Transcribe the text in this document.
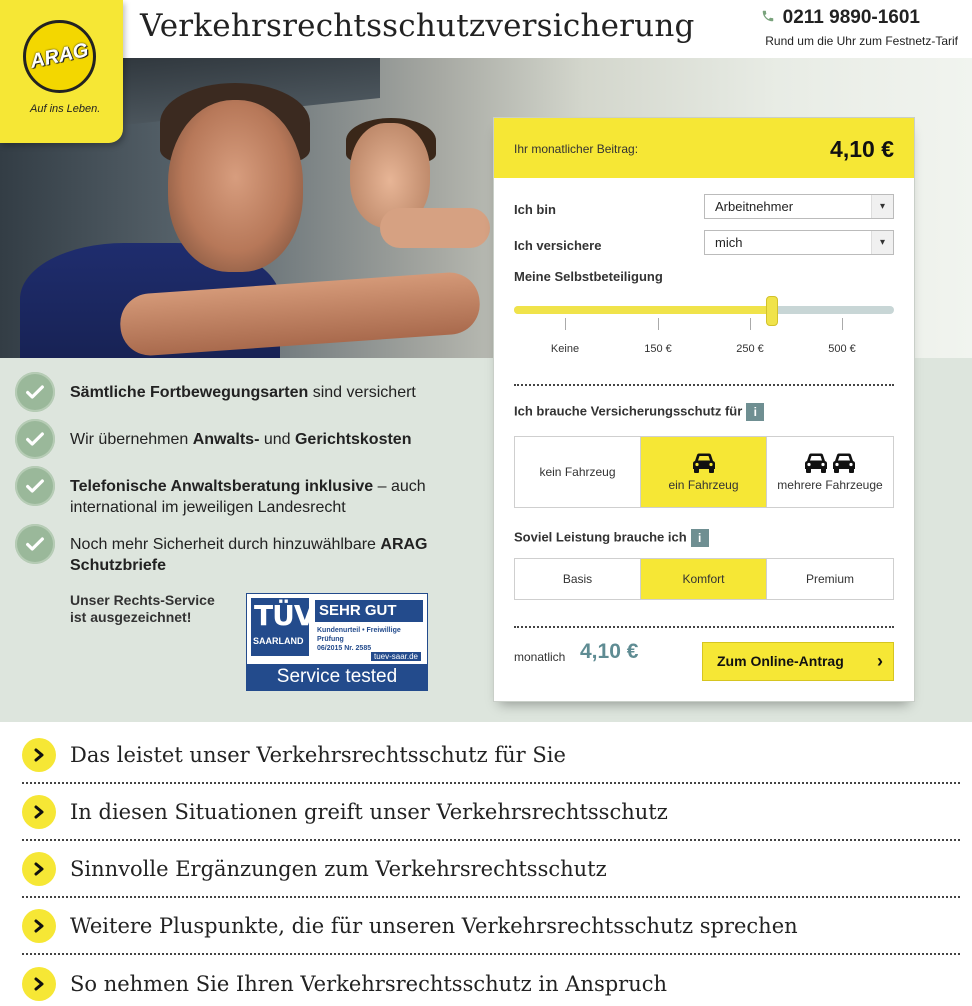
Verkehrsrechtsschutzversicherung	0211 9890-1601
Rund um die Uhr zum Festnetz-Tarif
ARAG
Auf ins Leben.
Sämtliche Fortbewegungsarten sind versichert
Wir übernehmen Anwalts- und Gerichtskosten
Telefonische Anwaltsberatung inklusive – auch international im jeweiligen Landesrecht
Noch mehr Sicherheit durch hinzuwählbare ARAG Schutzbriefe
Unser Rechts-Service ist ausgezeichnet!	TÜV
SAARLAND
SEHR GUT
Kundenurteil • Freiwillige Prüfung
06/2015 Nr. 2585
tuev-saar.de
Service tested
Ihr monatlicher Beitrag:	4,10 €
Ich bin	Arbeitnehmer	▾
Ich versichere	mich	▾
Meine Selbstbeteiligung
Keine	150 €	250 €	500 €
Ich brauche Versicherungsschutz für i
kein Fahrzeug
ein Fahrzeug	mehrere Fahrzeuge
Soviel Leistung brauche ich i
Basis	Komfort	Premium
monatlich 4,10 €	Zum Online-Antrag ›
Das leistet unser Verkehrsrechtsschutz für Sie
In diesen Situationen greift unser Verkehrsrechtsschutz
Sinnvolle Ergänzungen zum Verkehrsrechtsschutz
Weitere Pluspunkte, die für unseren Verkehrsrechtsschutz sprechen
So nehmen Sie Ihren Verkehrsrechtsschutz in Anspruch
